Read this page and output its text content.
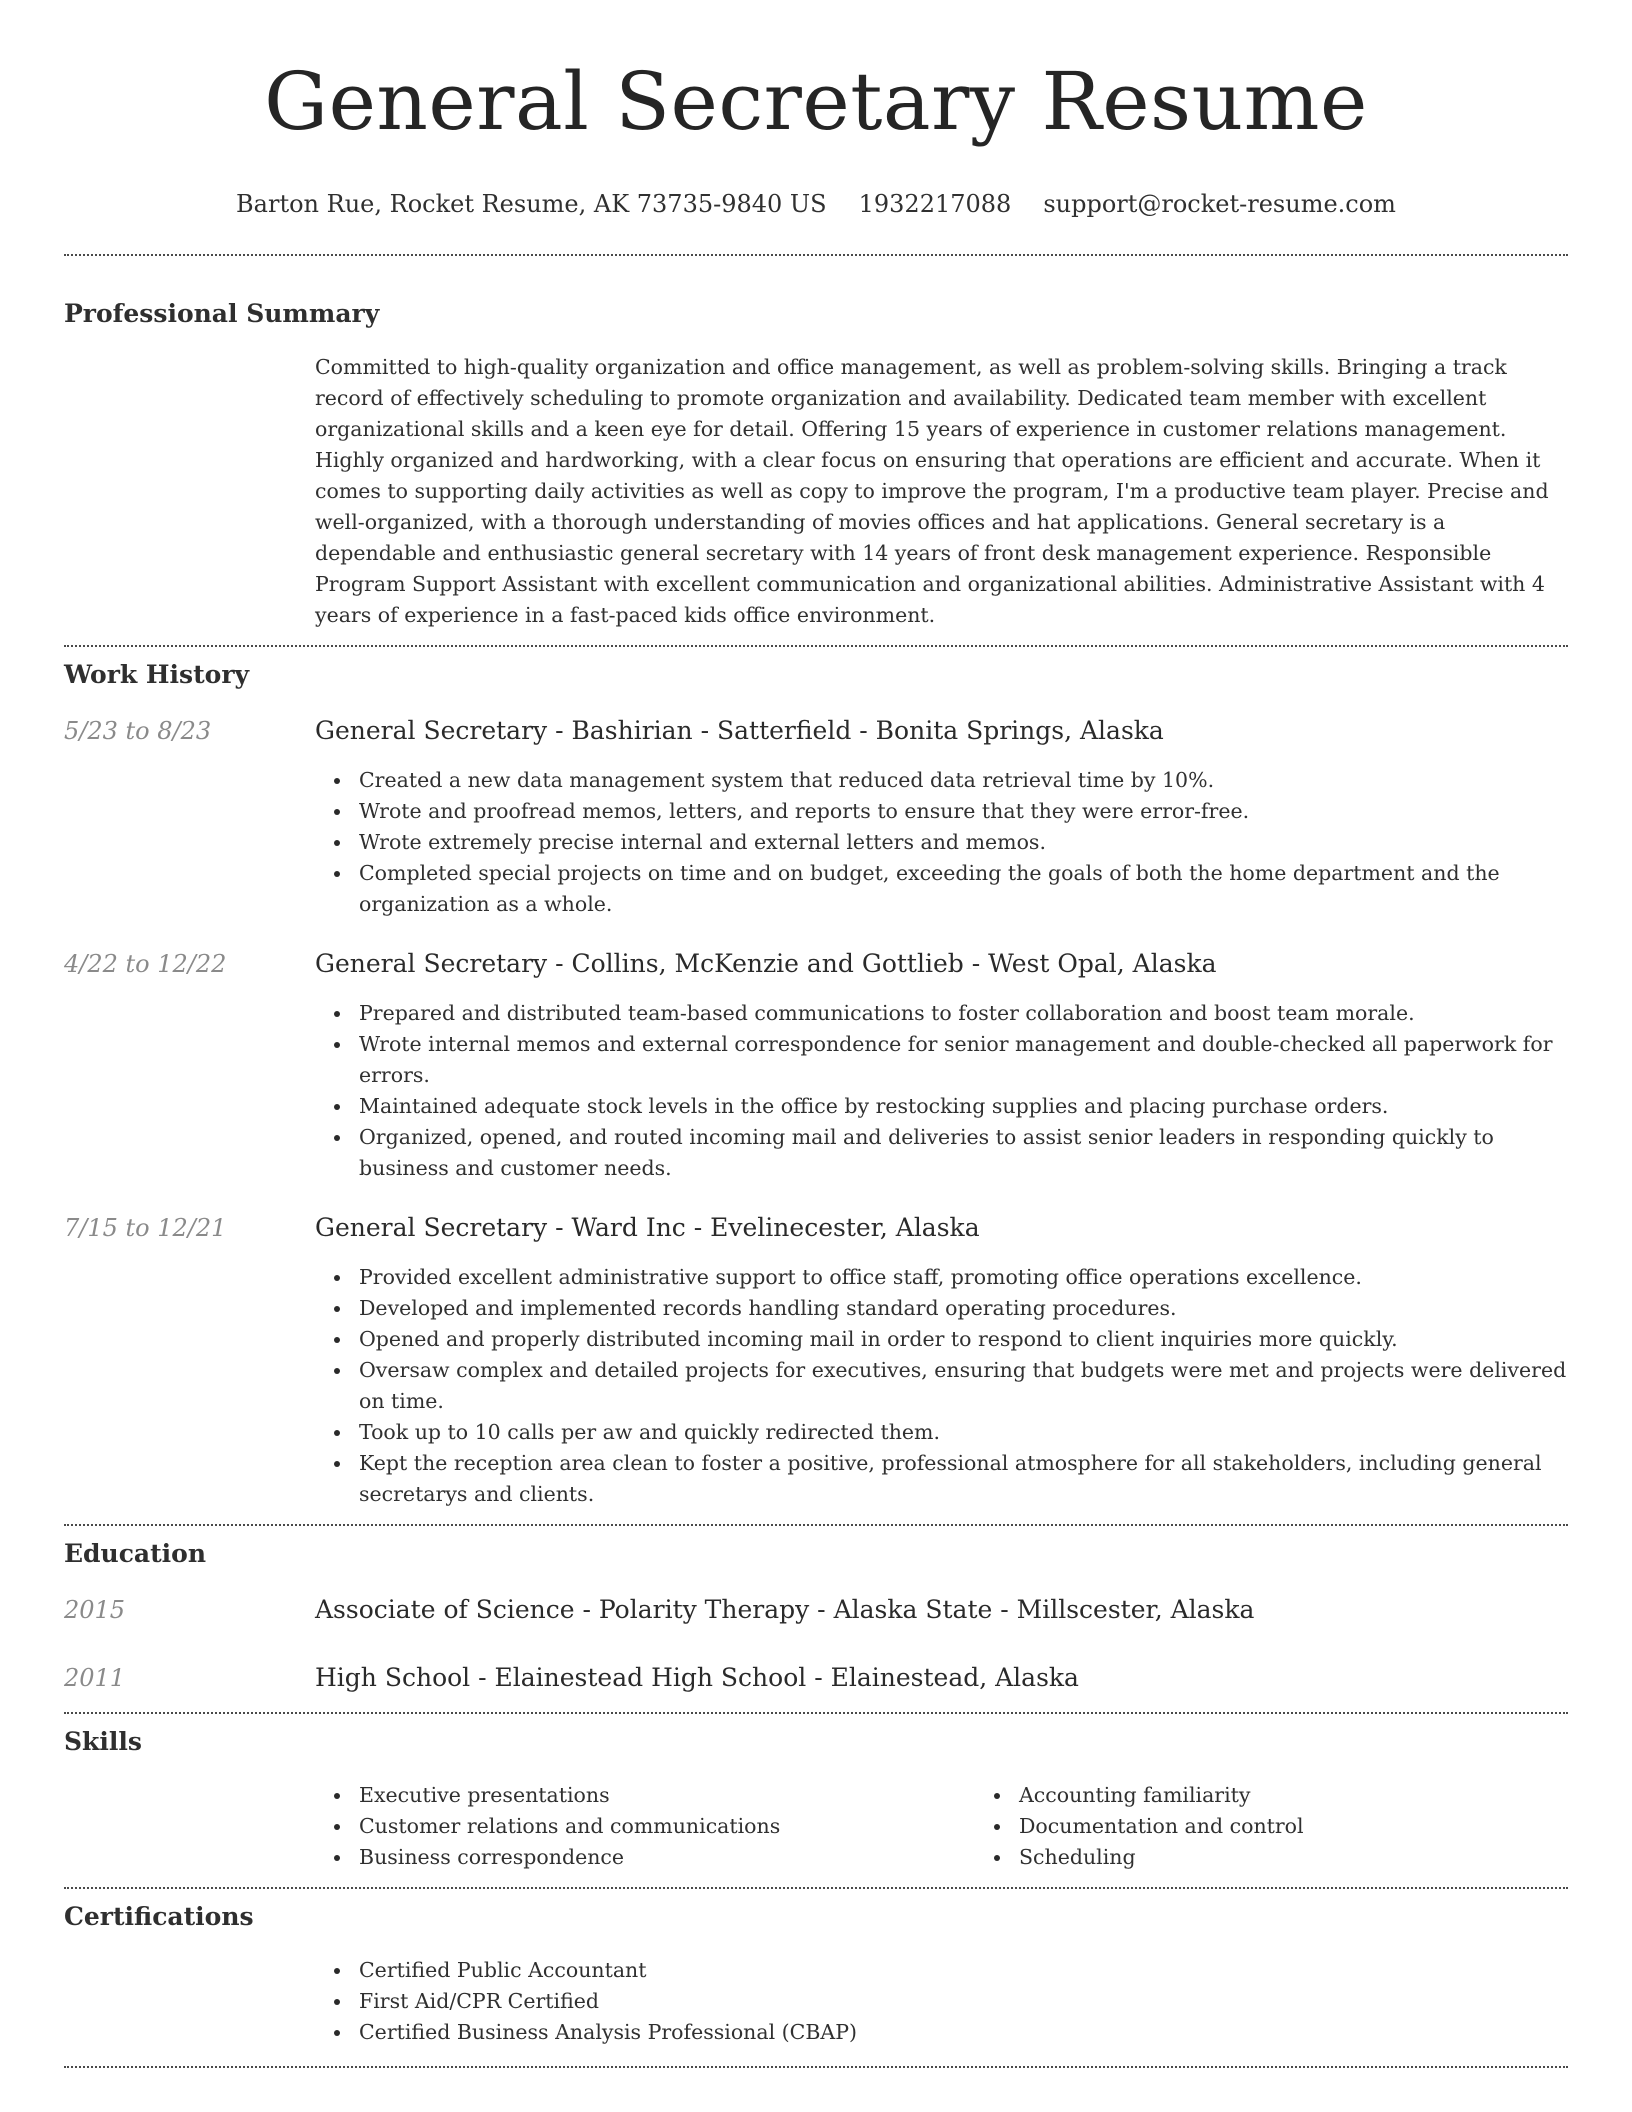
General Secretary Resume
Barton Rue, Rocket Resume, AK 73735-9840 US 1932217088 support@rocket-resume.com
Professional Summary

Committed to high-quality organization and office management, as well as problem-solving skills. Bringing a track record of effectively scheduling to promote organization and availability. Dedicated team member with excellent organizational skills and a keen eye for detail. Offering 15 years of experience in customer relations management. Highly organized and hardworking, with a clear focus on ensuring that operations are efficient and accurate. When it comes to supporting daily activities as well as copy to improve the program, I'm a productive team player. Precise and well-organized, with a thorough understanding of movies offices and hat applications. General secretary is a dependable and enthusiastic general secretary with 14 years of front desk management experience. Responsible Program Support Assistant with excellent communication and organizational abilities. Administrative Assistant with 4 years of experience in a fast-paced kids office environment.

Work History
5/23 to 8/23	General Secretary - Bashirian - Satterfield - Bonita Springs, Alaska
Created a new data management system that reduced data retrieval time by 10%.
Wrote and proofread memos, letters, and reports to ensure that they were error-free.
Wrote extremely precise internal and external letters and memos.
Completed special projects on time and on budget, exceeding the goals of both the home department and the organization as a whole.
4/22 to 12/22	General Secretary - Collins, McKenzie and Gottlieb - West Opal, Alaska
Prepared and distributed team-based communications to foster collaboration and boost team morale.
Wrote internal memos and external correspondence for senior management and double-checked all paperwork for errors.
Maintained adequate stock levels in the office by restocking supplies and placing purchase orders.
Organized, opened, and routed incoming mail and deliveries to assist senior leaders in responding quickly to business and customer needs.
7/15 to 12/21	General Secretary - Ward Inc - Evelinecester, Alaska
Provided excellent administrative support to office staff, promoting office operations excellence.
Developed and implemented records handling standard operating procedures.
Opened and properly distributed incoming mail in order to respond to client inquiries more quickly.
Oversaw complex and detailed projects for executives, ensuring that budgets were met and projects were delivered on time.
Took up to 10 calls per aw and quickly redirected them.
Kept the reception area clean to foster a positive, professional atmosphere for all stakeholders, including general secretarys and clients.
Education
2015	Associate of Science - Polarity Therapy - Alaska State - Millscester, Alaska
2011	High School - Elainestead High School - Elainestead, Alaska
Skills
Executive presentations
Customer relations and communications
Business correspondence
Accounting familiarity
Documentation and control
Scheduling
Certifications
Certified Public Accountant
First Aid/CPR Certified
Certified Business Analysis Professional (CBAP)
